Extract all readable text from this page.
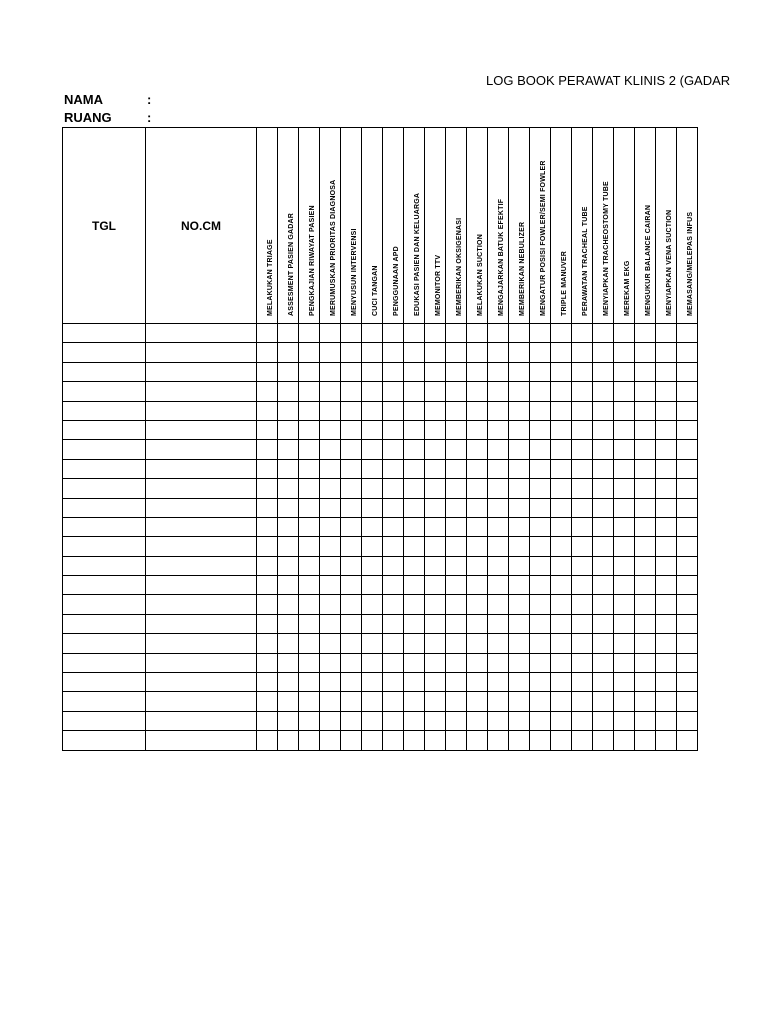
LOG BOOK PERAWAT KLINIS 2 (GADAR
NAMA	:
RUANG	:
TGL	NO.CM	MELAKUKAN TRIAGE	ASSESMENT PASIEN GADAR	PENGKAJIAN RIWAYAT PASIEN	MERUMUSKAN PRIORITAS DIAGNOSA	MENYUSUN INTERVENSI	CUCI TANGAN	PENGGUNAAN APD	EDUKASI PASIEN DAN KELUARGA	MEMONITOR TTV	MEMBERIKAN OKSIGENASI	MELAKUKAN SUCTION	MENGAJARKAN BATUK EFEKTIF	MEMBERIKAN NEBULIZER	MENGATUR POSISI FOWLER/SEMI FOWLER	TRIPLE MANUVER	PERAWATAN TRACHEAL TUBE	MENYIAPKAN TRACHEOSTOMY TUBE	MEREKAM EKG	MENGUKUR BALANCE CAIRAN	MENYIAPKAN VENA SUCTION	MEMASANG/MELEPAS INFUS
